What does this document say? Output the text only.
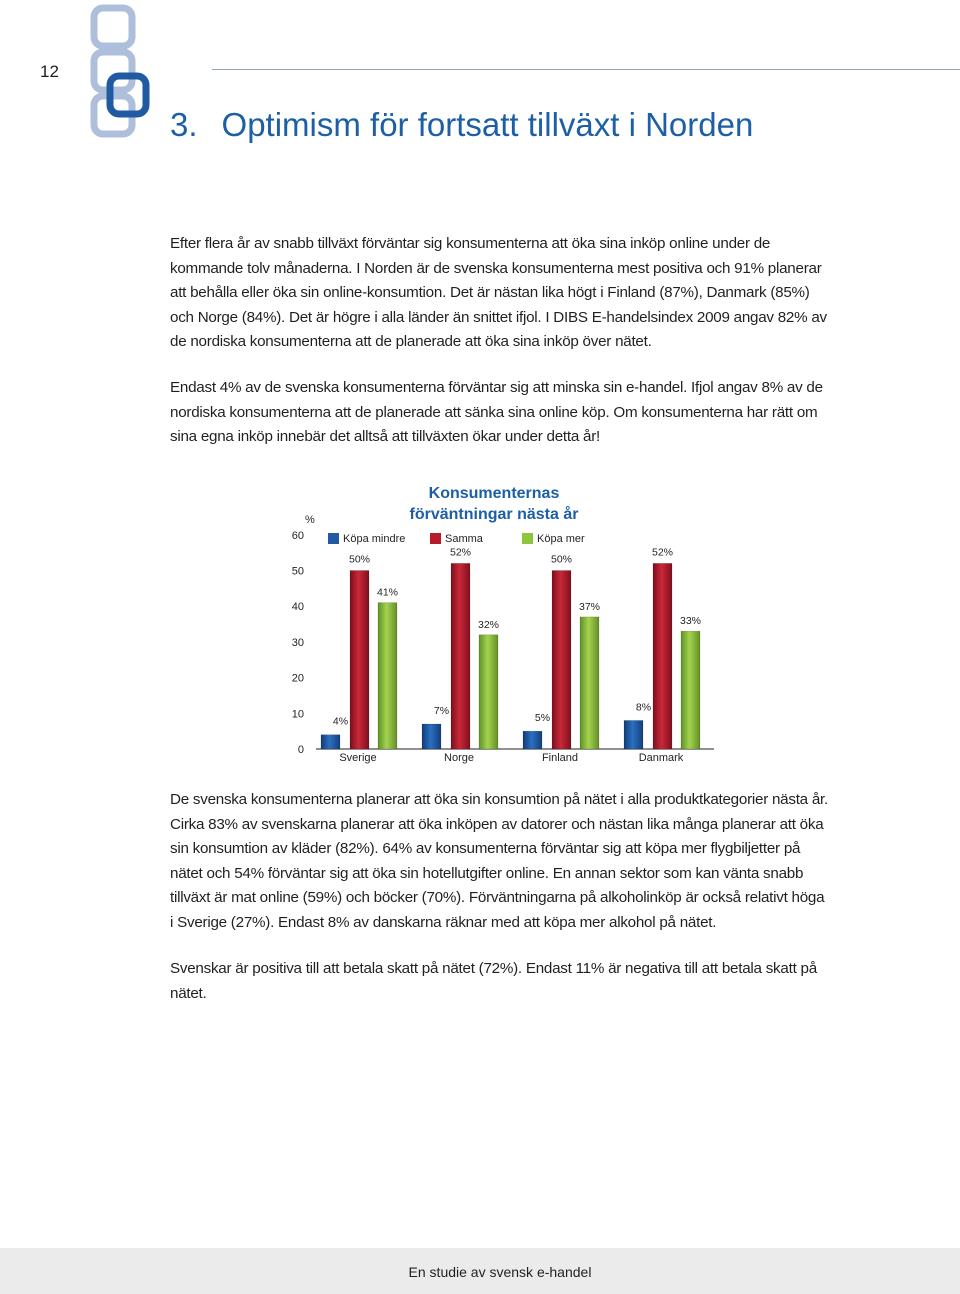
12
3. Optimism för fortsatt tillväxt i Norden

Efter flera år av snabb tillväxt förväntar sig konsumenterna att öka sina inköp online under de kommande tolv månaderna. I Norden är de svenska konsumenterna mest positiva och 91% planerar att behålla eller öka sin online-konsumtion. Det är nästan lika högt i Finland (87%), Danmark (85%) och Norge (84%). Det är högre i alla länder än snittet ifjol. I DIBS E-handelsindex 2009 angav 82% av de nordiska konsumenterna att de planerade att öka sina inköp över nätet.

Endast 4% av de svenska konsumenterna förväntar sig att minska sin e-handel. Ifjol angav 8% av de nordiska konsumenterna att de planerade att sänka sina online köp. Om konsumenterna har rätt om sina egna inköp innebär det alltså att tillväxten ökar under detta år!

Konsumenternas
förväntningar nästa år
%
0
10
20
30
40
50
60	Köpa mindre	Samma	Köpa mer
4%
50%
41%
7%
52%
32%
5%
50%
37%
8%
52%
33%
Sverige	Norge	Finland	Danmark

De svenska konsumenterna planerar att öka sin konsumtion på nätet i alla produktkategorier nästa år. Cirka 83% av svenskarna planerar att öka inköpen av datorer och nästan lika många planerar att öka sin konsumtion av kläder (82%). 64% av konsumenterna förväntar sig att köpa mer flygbiljetter på nätet och 54% förväntar sig att öka sin hotellutgifter online. En annan sektor som kan vänta snabb tillväxt är mat online (59%) och böcker (70%). Förväntningarna på alkoholinköp är också relativt höga i Sverige (27%). Endast 8% av danskarna räknar med att köpa mer alkohol på nätet.

Svenskar är positiva till att betala skatt på nätet (72%). Endast 11% är negativa till att betala skatt på nätet.

En studie av svensk e-handel
